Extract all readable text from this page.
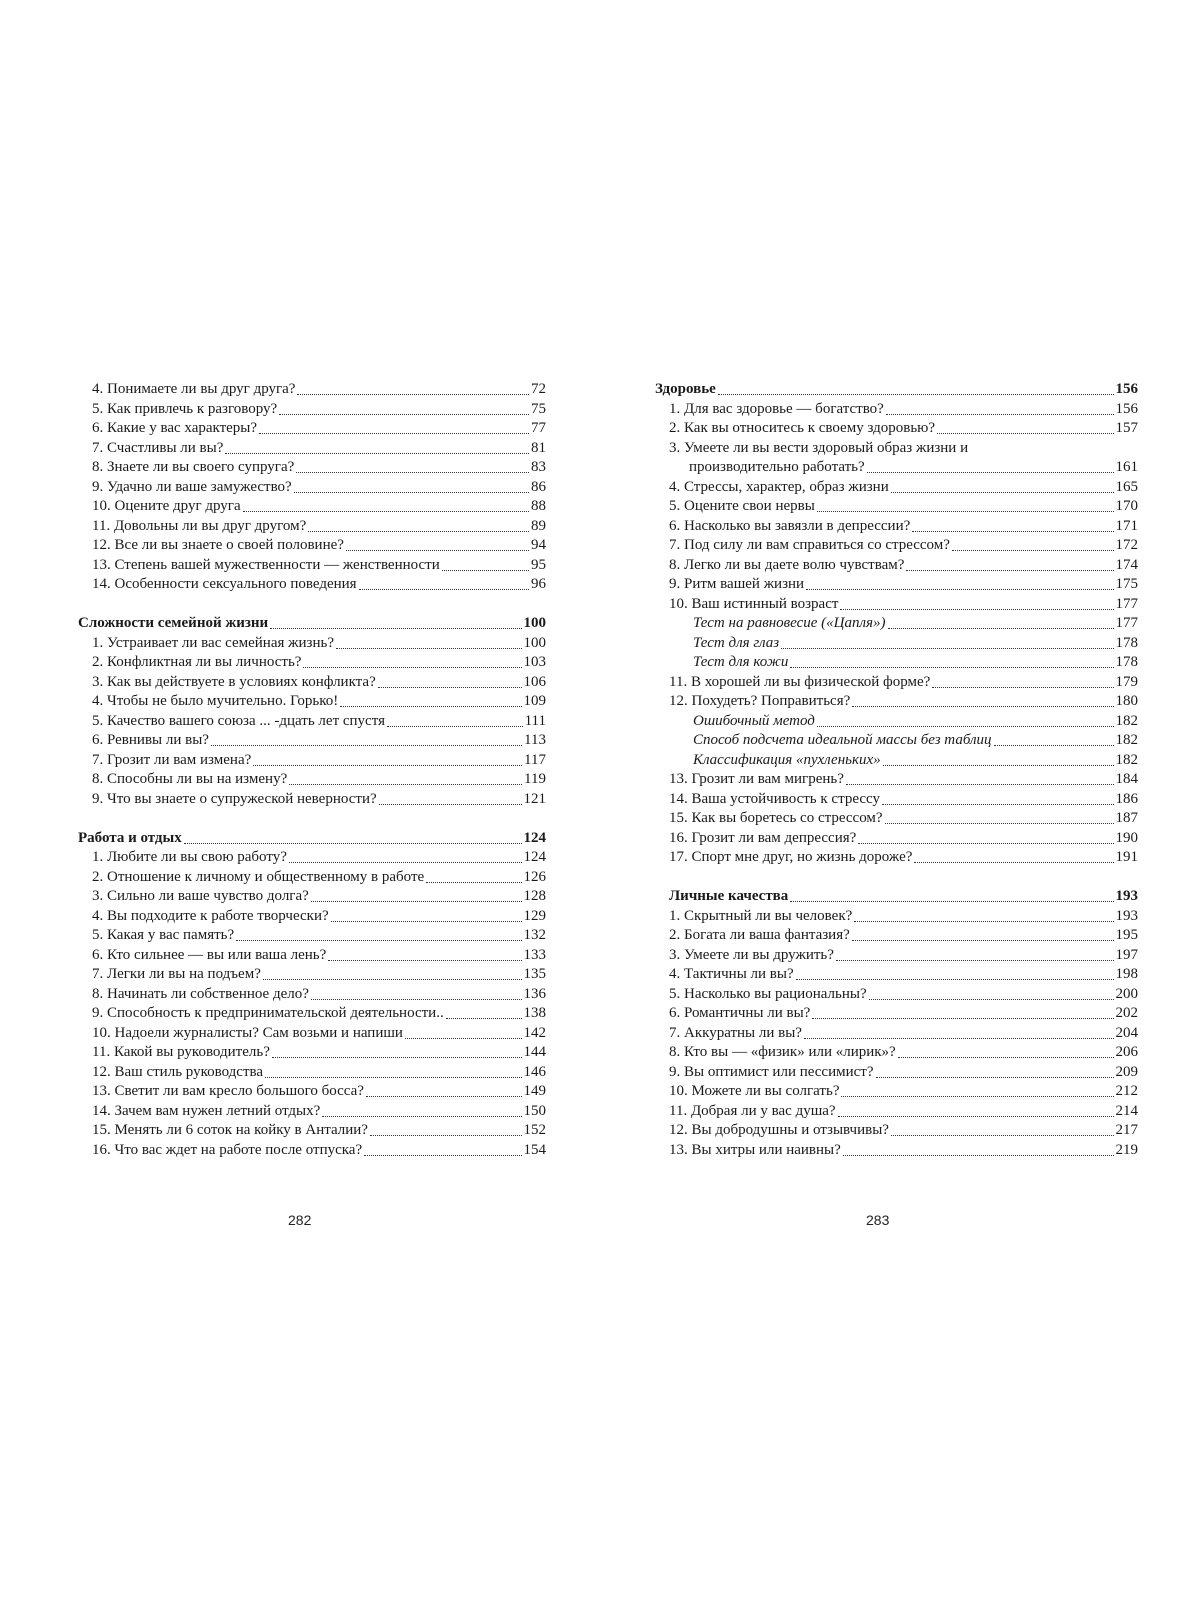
4. Понимаете ли вы друг друга?	72
5. Как привлечь к разговору?	75
6. Какие у вас характеры?	77
7. Счастливы ли вы?	81
8. Знаете ли вы своего супруга?	83
9. Удачно ли ваше замужество?	86
10. Оцените друг друга	88
11. Довольны ли вы друг другом?	89
12. Все ли вы знаете о своей половине?	94
13. Степень вашей мужественности — женственности	95
14. Особенности сексуального поведения	96
Сложности семейной жизни	100
1. Устраивает ли вас семейная жизнь?	100
2. Конфликтная ли вы личность?	103
3. Как вы действуете в условиях конфликта?	106
4. Чтобы не было мучительно. Горько!	109
5. Качество вашего союза ... -дцать лет спустя	111
6. Ревнивы ли вы?	113
7. Грозит ли вам измена?	117
8. Способны ли вы на измену?	119
9. Что вы знаете о супружеской неверности?	121
Работа и отдых	124
1. Любите ли вы свою работу?	124
2. Отношение к личному и общественному в работе	126
3. Сильно ли ваше чувство долга?	128
4. Вы подходите к работе творчески?	129
5. Какая у вас память?	132
6. Кто сильнее — вы или ваша лень?	133
7. Легки ли вы на подъем?	135
8. Начинать ли собственное дело?	136
9. Способность к предпринимательской деятельности..	138
10. Надоели журналисты? Сам возьми и напиши	142
11. Какой вы руководитель?	144
12. Ваш стиль руководства	146
13. Светит ли вам кресло большого босса?	149
14. Зачем вам нужен летний отдых?	150
15. Менять ли 6 соток на койку в Анталии?	152
16. Что вас ждет на работе после отпуска?	154
Здоровье	156
1. Для вас здоровье — богатство?	156
2. Как вы относитесь к своему здоровью?	157
3. Умеете ли вы вести здоровый образ жизни и
производительно работать?	161
4. Стрессы, характер, образ жизни	165
5. Оцените свои нервы	170
6. Насколько вы завязли в депрессии?	171
7. Под силу ли вам справиться со стрессом?	172
8. Легко ли вы даете волю чувствам?	174
9. Ритм вашей жизни	175
10. Ваш истинный возраст	177
Тест на равновесие («Цапля»)	177
Тест для глаз	178
Тест для кожи	178
11. В хорошей ли вы физической форме?	179
12. Похудеть? Поправиться?	180
Ошибочный метод	182
Способ подсчета идеальной массы без таблиц	182
Классификация «пухленьких»	182
13. Грозит ли вам мигрень?	184
14. Ваша устойчивость к стрессу	186
15. Как вы боретесь со стрессом?	187
16. Грозит ли вам депрессия?	190
17. Спорт мне друг, но жизнь дороже?	191
Личные качества	193
1. Скрытный ли вы человек?	193
2. Богата ли ваша фантазия?	195
3. Умеете ли вы дружить?	197
4. Тактичны ли вы?	198
5. Насколько вы рациональны?	200
6. Романтичны ли вы?	202
7. Аккуратны ли вы?	204
8. Кто вы — «физик» или «лирик»?	206
9. Вы оптимист или пессимист?	209
10. Можете ли вы солгать?	212
11. Добрая ли у вас душа?	214
12. Вы добродушны и отзывчивы?	217
13. Вы хитры или наивны?	219
282	283
